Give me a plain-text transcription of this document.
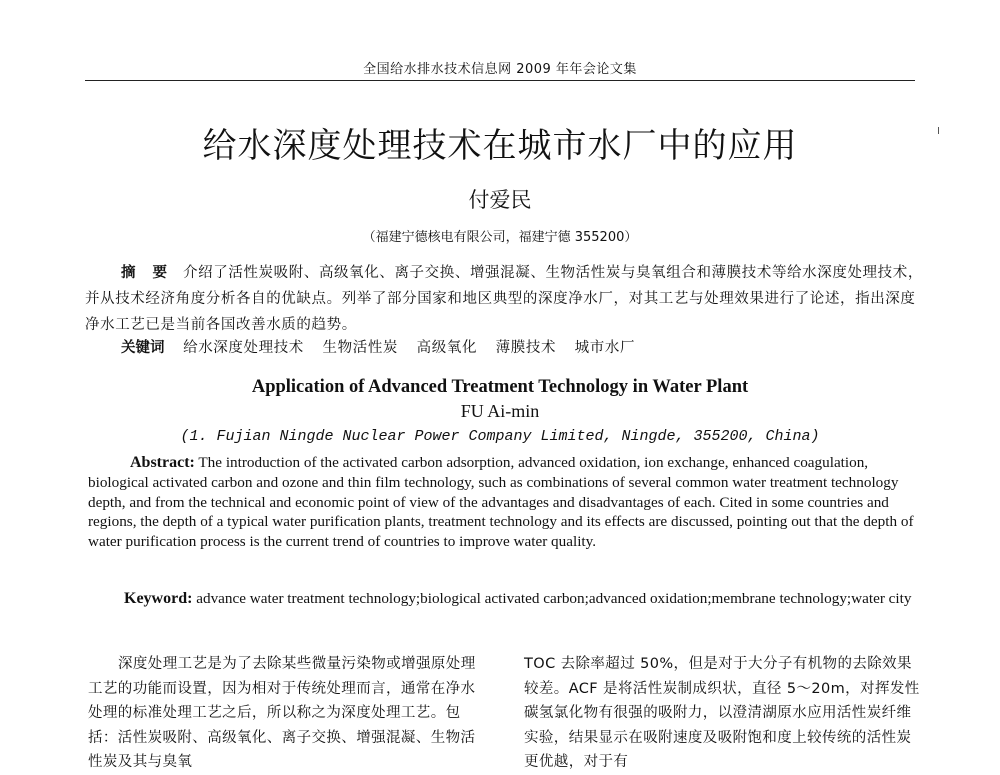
全国给水排水技术信息网 2009 年年会论文集
给水深度处理技术在城市水厂中的应用
付爱民
（福建宁德核电有限公司，福建宁德 355200）
摘 要 介绍了活性炭吸附、高级氧化、离子交换、增强混凝、生物活性炭与臭氧组合和薄膜技术等给水深度处理技术，并从技术经济角度分析各自的优缺点。列举了部分国家和地区典型的深度净水厂，对其工艺与处理效果进行了论述，指出深度净水工艺已是当前各国改善水质的趋势。
关键词 给水深度处理技术 生物活性炭 高级氧化 薄膜技术 城市水厂
Application of Advanced Treatment Technology in Water Plant
FU Ai-min
(1. Fujian Ningde Nuclear Power Company Limited, Ningde, 355200, China)
Abstract: The introduction of the activated carbon adsorption, advanced oxidation, ion exchange, enhanced coagulation, biological activated carbon and ozone and thin film technology, such as combinations of several common water treatment technology depth, and from the technical and economic point of view of the advantages and disadvantages of each. Cited in some countries and regions, the depth of a typical water purification plants, treatment technology and its effects are discussed, pointing out that the depth of water purification process is the current trend of countries to improve water quality.
Keyword: advance water treatment technology;biological activated carbon;advanced oxidation;membrane technology;water city
深度处理工艺是为了去除某些微量污染物或增强原处理工艺的功能而设置，因为相对于传统处理而言，通常在净水处理的标准处理工艺之后，所以称之为深度处理工艺。包括：活性炭吸附、高级氧化、离子交换、增强混凝、生物活性炭及其与臭氧
TOC 去除率超过 50%，但是对于大分子有机物的去除效果较差。ACF 是将活性炭制成织状，直径 5～20m，对挥发性碳氢氯化物有很强的吸附力，以澄清湖原水应用活性炭纤维实验，结果显示在吸附速度及吸附饱和度上较传统的活性炭更优越，对于有
